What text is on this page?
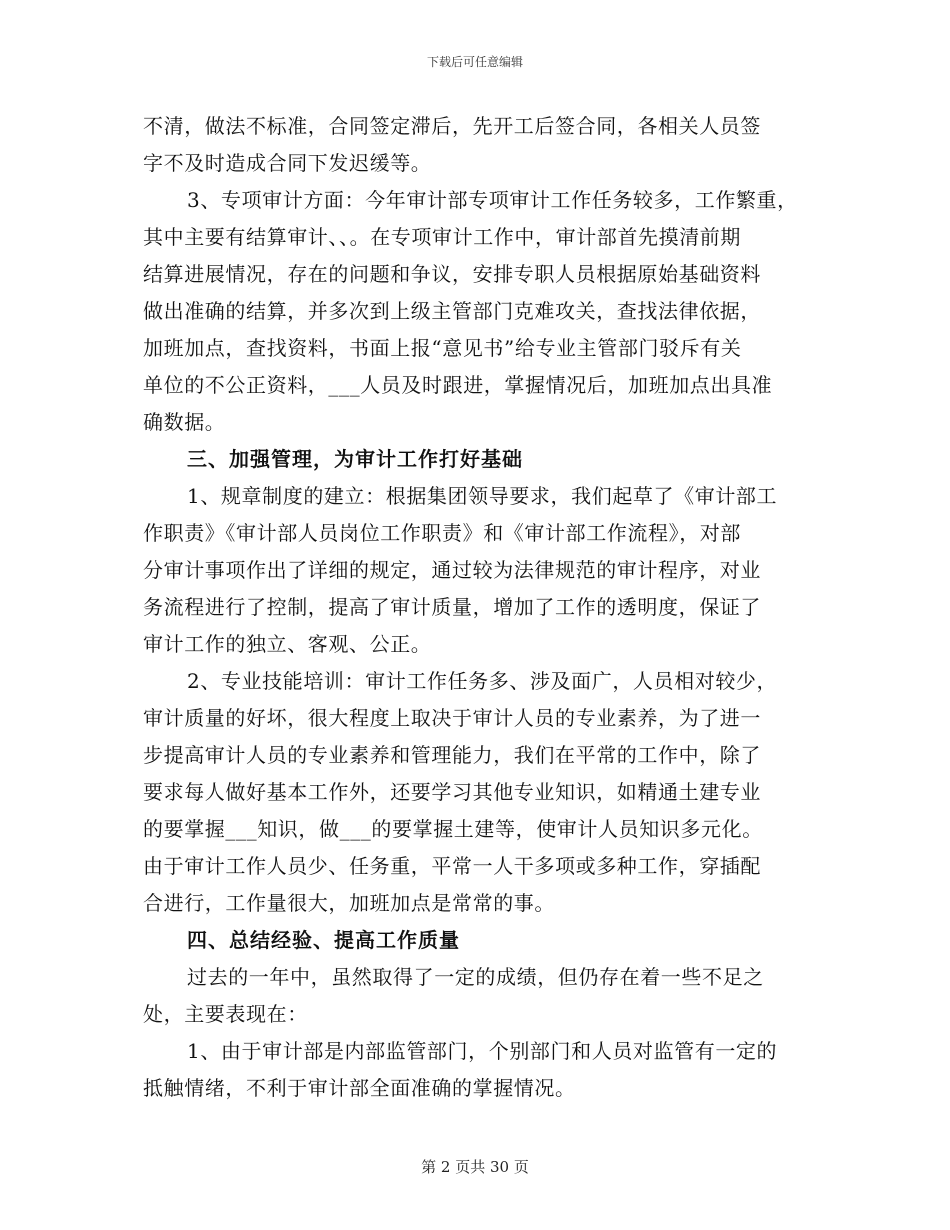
下载后可任意编辑
不清，做法不标准，合同签定滞后，先开工后签合同，各相关人员签
字不及时造成合同下发迟缓等。
3、专项审计方面：今年审计部专项审计工作任务较多，工作繁重，
其中主要有结算审计、、。在专项审计工作中，审计部首先摸清前期
结算进展情况，存在的问题和争议，安排专职人员根据原始基础资料
做出准确的结算，并多次到上级主管部门克难攻关，查找法律依据，
加班加点，查找资料，书面上报“意见书”给专业主管部门驳斥有关
单位的不公正资料，___人员及时跟进，掌握情况后，加班加点出具准
确数据。
三、加强管理，为审计工作打好基础
1、规章制度的建立：根据集团领导要求，我们起草了《审计部工
作职责》《审计部人员岗位工作职责》和《审计部工作流程》，对部
分审计事项作出了详细的规定，通过较为法律规范的审计程序，对业
务流程进行了控制，提高了审计质量，增加了工作的透明度，保证了
审计工作的独立、客观、公正。
2、专业技能培训：审计工作任务多、涉及面广，人员相对较少，
审计质量的好坏，很大程度上取决于审计人员的专业素养，为了进一
步提高审计人员的专业素养和管理能力，我们在平常的工作中，除了
要求每人做好基本工作外，还要学习其他专业知识，如精通土建专业
的要掌握___知识，做___的要掌握土建等，使审计人员知识多元化。
由于审计工作人员少、任务重，平常一人干多项或多种工作，穿插配
合进行，工作量很大，加班加点是常常的事。
四、总结经验、提高工作质量
过去的一年中，虽然取得了一定的成绩，但仍存在着一些不足之
处，主要表现在：
1、由于审计部是内部监管部门，个别部门和人员对监管有一定的
抵触情绪，不利于审计部全面准确的掌握情况。
第 2 页共 30 页
